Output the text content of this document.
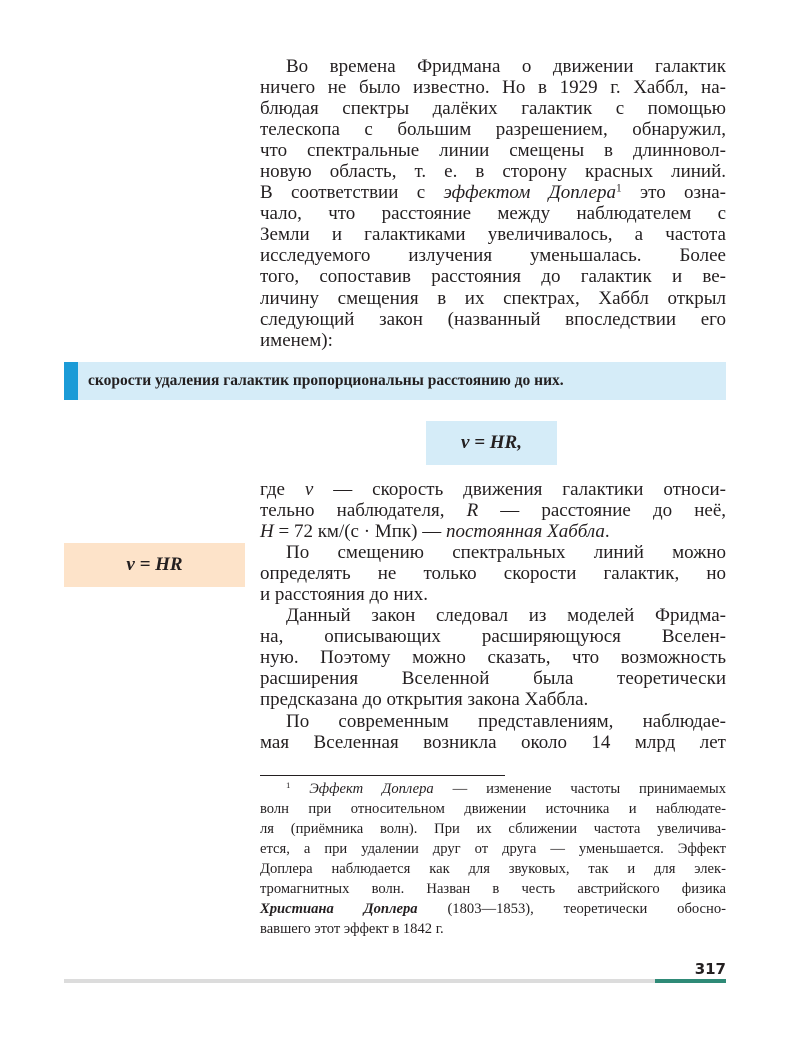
Во времена Фридмана о движении галактик
ничего не было известно. Но в 1929 г. Хаббл, на-
блюдая спектры далёких галактик с помощью
телескопа с большим разрешением, обнаружил,
что спектральные линии смещены в длинновол-
новую область, т. е. в сторону красных линий.
В соответствии с эффектом Доплера$^1$ это озна-
чало, что расстояние между наблюдателем с
Земли и галактиками увеличивалось, а частота
исследуемого излучения уменьшалась. Более
того, сопоставив расстояния до галактик и ве-
личину смещения в их спектрах, Хаббл открыл
следующий закон (названный впоследствии его
именем):
скорости удаления галактик пропорциональны расстоянию до них.
v = HR,
v = HR
где v — скорость движения галактики относи-
тельно наблюдателя, R — расстояние до неё,
H = 72 км/(с · Мпк) — постоянная Хаббла.
По смещению спектральных линий можно
определять не только скорости галактик, но
и расстояния до них.
Данный закон следовал из моделей Фридма-
на, описывающих расширяющуюся Вселен-
ную. Поэтому можно сказать, что возможность
расширения Вселенной была теоретически
предсказана до открытия закона Хаббла.
По современным представлениям, наблюдае-
мая Вселенная возникла около 14 млрд лет
$^1$ Эффект Доплера — изменение частоты принимаемых
волн при относительном движении источника и наблюдате-
ля (приёмника волн). При их сближении частота увеличива-
ется, а при удалении друг от друга — уменьшается. Эффект
Доплера наблюдается как для звуковых, так и для элек-
тромагнитных волн. Назван в честь австрийского физика
Христиана Доплера (1803—1853), теоретически обосно-
вавшего этот эффект в 1842 г.
317
